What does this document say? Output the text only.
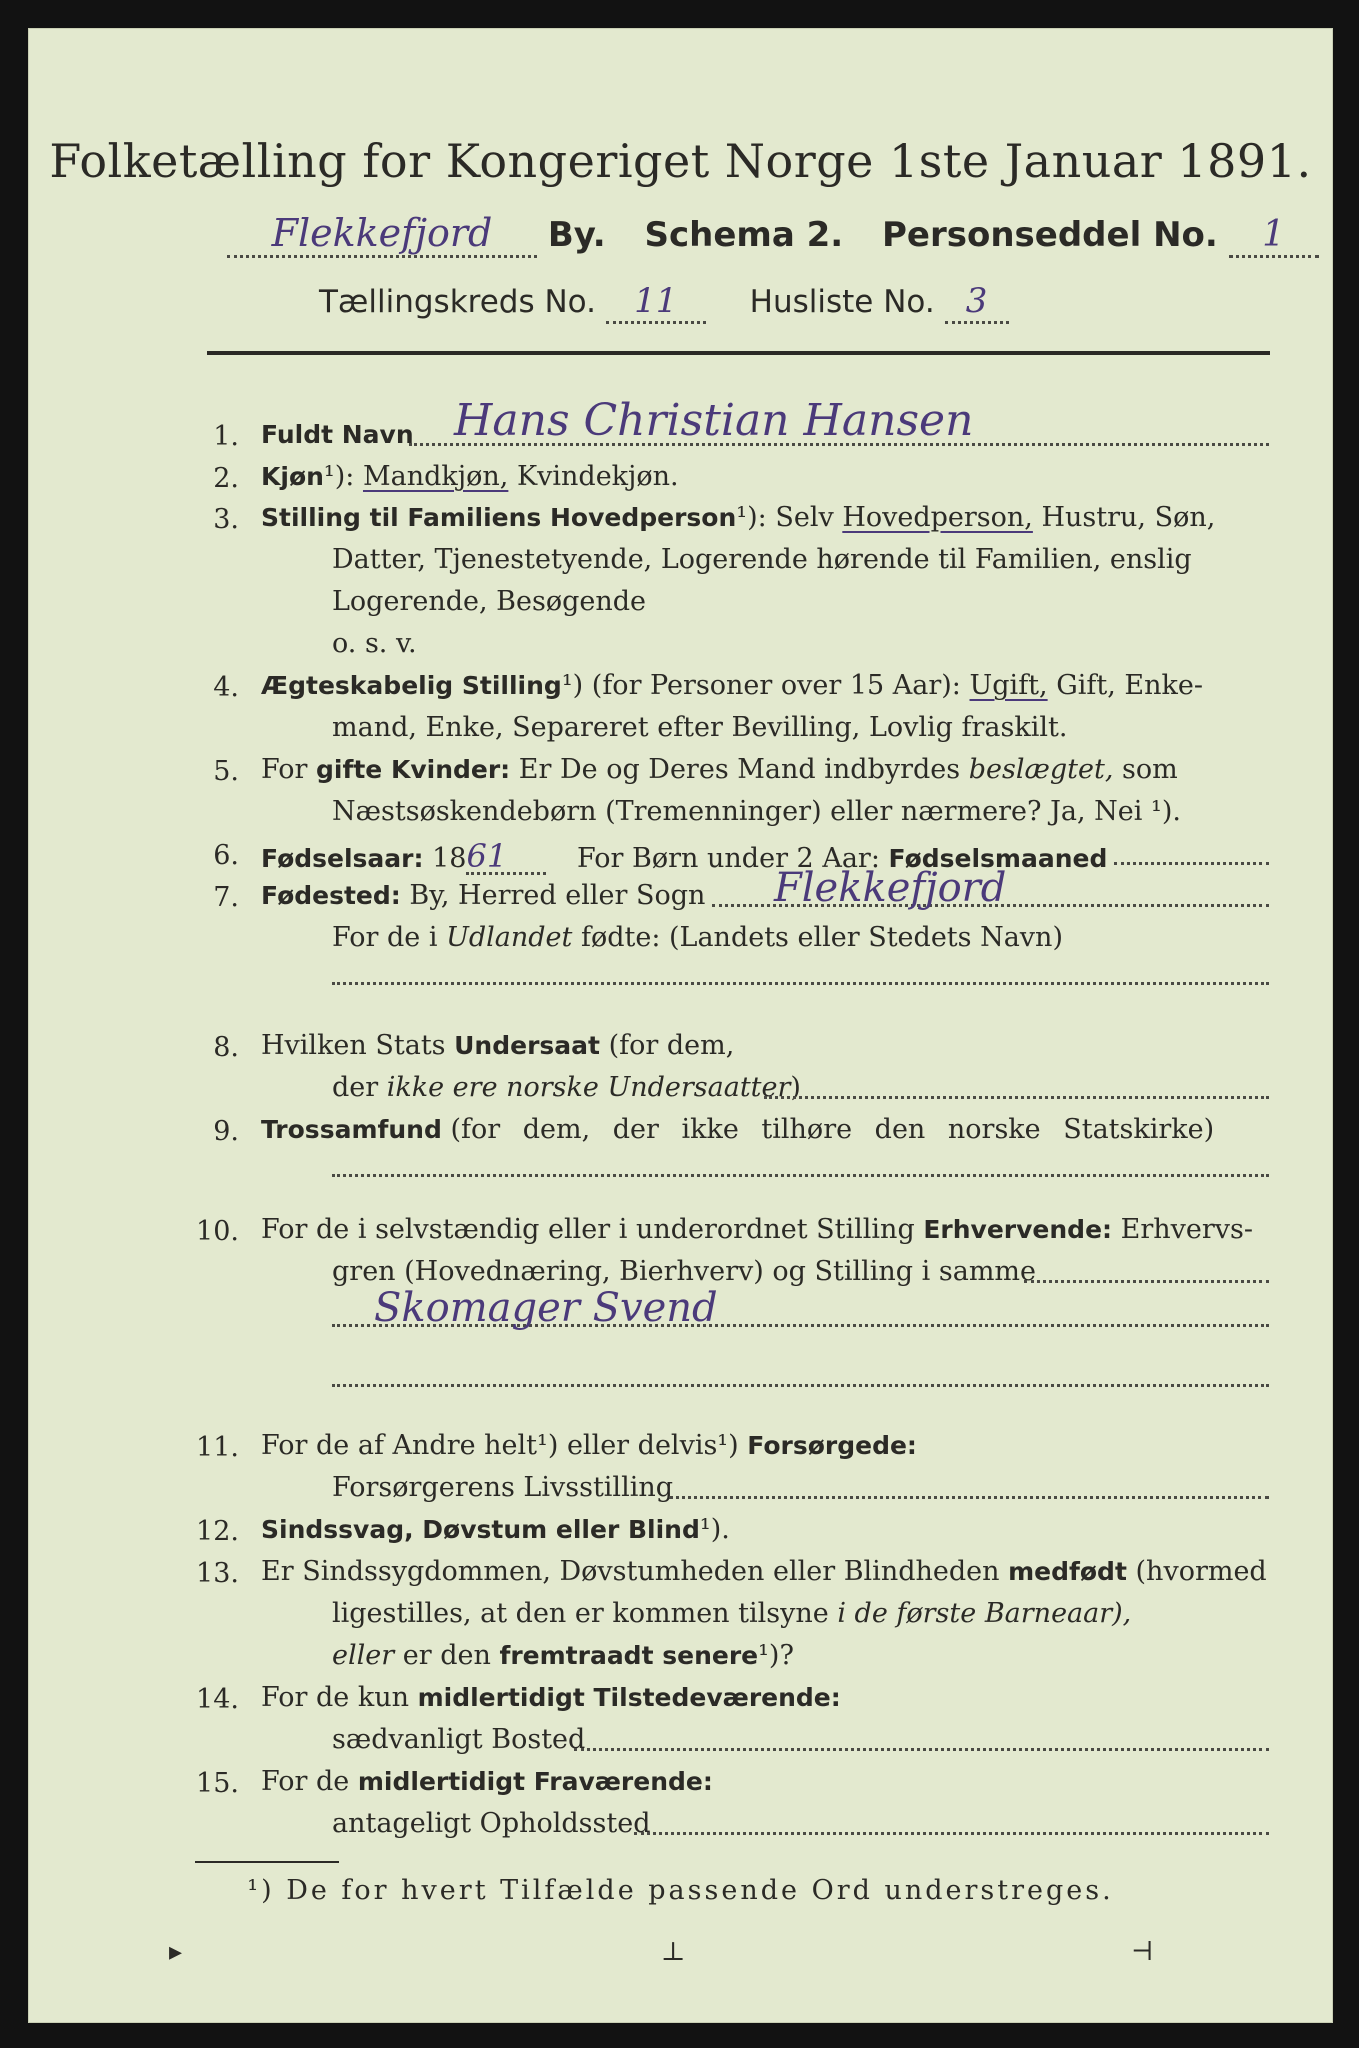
Folketælling for Kongeriget Norge 1ste Januar 1891.
Flekkefjord By. Schema 2. Personseddel No. 1
Tællingskreds No. 11 Husliste No. 3
1. Fuldt Navn Hans Christian Hansen
2. Kjøn¹): Mandkjøn, Kvindekjøn.
3. Stilling til Familiens Hovedperson¹): Selv Hovedperson, Hustru, Søn,
Datter, Tjenestetyende, Logerende hørende til Familien, enslig
Logerende, Besøgende
o. s. v.
4. Ægteskabelig Stilling¹) (for Personer over 15 Aar): Ugift, Gift, Enke-
mand, Enke, Separeret efter Bevilling, Lovlig fraskilt.
5. For gifte Kvinder: Er De og Deres Mand indbyrdes beslægtet, som
Næstsøskendebørn (Tremenninger) eller nærmere? Ja, Nei ¹).
6. Fødselsaar: 1861	For Børn under 2 Aar: Fødselsmaaned
7. Fødested: By, Herred eller Sogn Flekkefjord
For de i Udlandet fødte: (Landets eller Stedets Navn)
8. Hvilken Stats Undersaat (for dem,
der ikke ere norske Undersaatter)
9. Trossamfund (for dem, der ikke tilhøre den norske Statskirke)
10. For de i selvstændig eller i underordnet Stilling Erhvervende: Erhvervs-
gren (Hovednæring, Bierhverv) og Stilling i samme
Skomager Svend
11. For de af Andre helt¹) eller delvis¹) Forsørgede:
Forsørgerens Livsstilling
12. Sindssvag, Døvstum eller Blind¹).
13. Er Sindssygdommen, Døvstumheden eller Blindheden medfødt (hvormed
ligestilles, at den er kommen tilsyne i de første Barneaar),
eller er den fremtraadt senere¹)?
14. For de kun midlertidigt Tilstedeværende:
sædvanligt Bosted
15. For de midlertidigt Fraværende:
antageligt Opholdssted
¹) De for hvert Tilfælde passende Ord understreges.
▸	⊥	⊣
